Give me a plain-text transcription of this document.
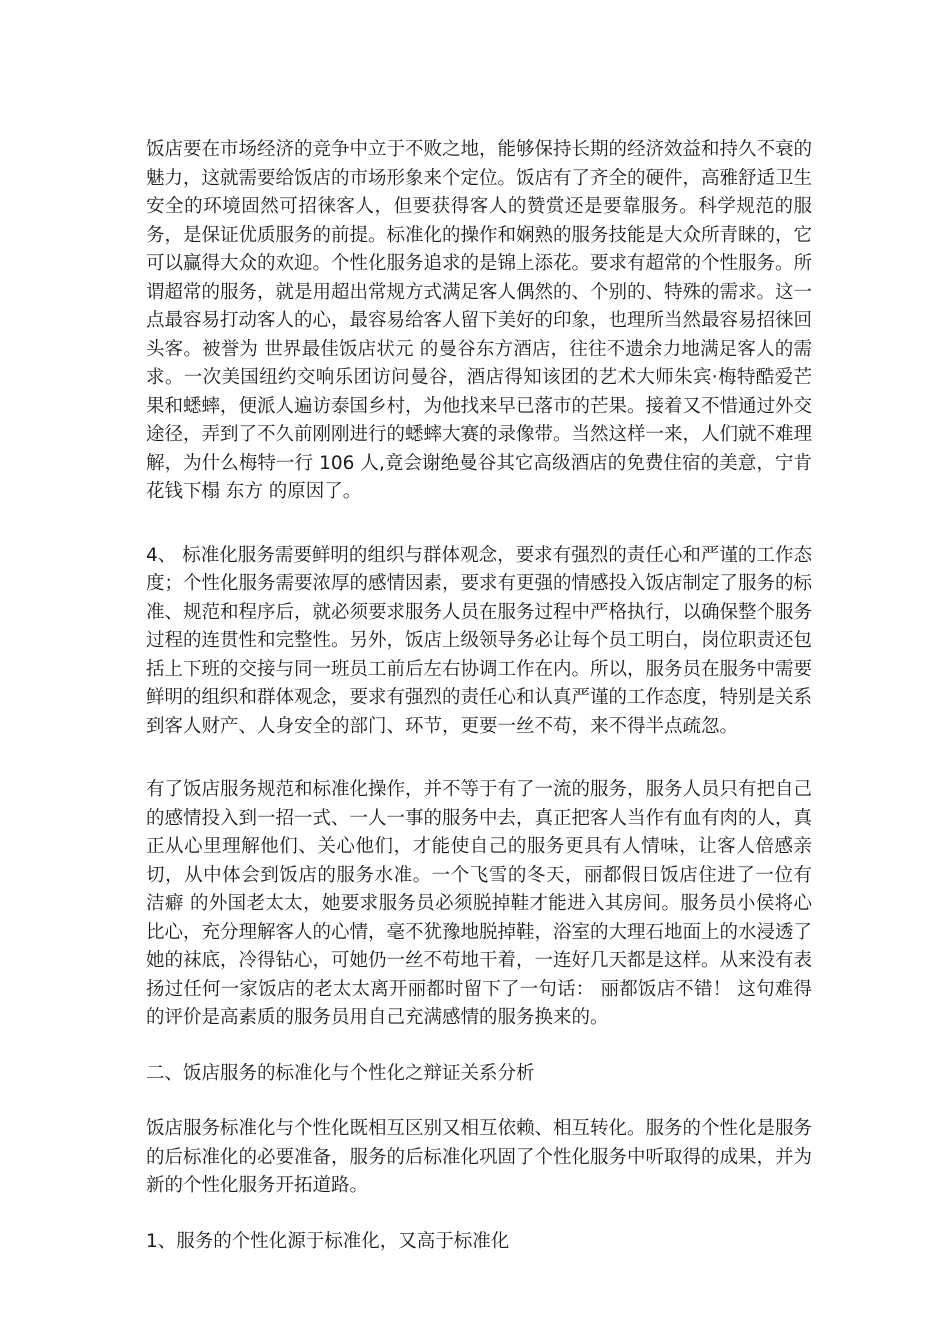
饭店要在市场经济的竞争中立于不败之地，能够保持长期的经济效益和持久不衰的魅力，这就需要给饭店的市场形象来个定位。饭店有了齐全的硬件，高雅舒适卫生安全的环境固然可招徕客人，但要获得客人的赞赏还是要靠服务。科学规范的服务，是保证优质服务的前提。标准化的操作和娴熟的服务技能是大众所青睐的，它可以赢得大众的欢迎。个性化服务追求的是锦上添花。要求有超常的个性服务。所谓超常的服务，就是用超出常规方式满足客人偶然的、个别的、特殊的需求。这一点最容易打动客人的心，最容易给客人留下美好的印象，也理所当然最容易招徕回头客。被誉为 世界最佳饭店状元 的曼谷东方酒店，往往不遗余力地满足客人的需求。一次美国纽约交响乐团访问曼谷，酒店得知该团的艺术大师朱宾·梅特酷爱芒果和蟋蟀，便派人遍访泰国乡村，为他找来早已落市的芒果。接着又不惜通过外交途径，弄到了不久前刚刚进行的蟋蟀大赛的录像带。当然这样一来，人们就不难理解，为什么梅特一行 106 人,竟会谢绝曼谷其它高级酒店的免费住宿的美意，宁肯花钱下榻 东方 的原因了。

4、 标准化服务需要鲜明的组织与群体观念，要求有强烈的责任心和严谨的工作态度；个性化服务需要浓厚的感情因素，要求有更强的情感投入饭店制定了服务的标准、规范和程序后，就必须要求服务人员在服务过程中严格执行，以确保整个服务过程的连贯性和完整性。另外，饭店上级领导务必让每个员工明白，岗位职责还包括上下班的交接与同一班员工前后左右协调工作在内。所以，服务员在服务中需要鲜明的组织和群体观念，要求有强烈的责任心和认真严谨的工作态度，特别是关系到客人财产、人身安全的部门、环节，更要一丝不苟，来不得半点疏忽。

有了饭店服务规范和标准化操作，并不等于有了一流的服务，服务人员只有把自己的感情投入到一招一式、一人一事的服务中去，真正把客人当作有血有肉的人，真正从心里理解他们、关心他们，才能使自己的服务更具有人情味，让客人倍感亲切，从中体会到饭店的服务水准。一个飞雪的冬天，丽都假日饭店住进了一位有 洁癖 的外国老太太，她要求服务员必须脱掉鞋才能进入其房间。服务员小侯将心比心，充分理解客人的心情，毫不犹豫地脱掉鞋，浴室的大理石地面上的水浸透了她的袜底，冷得钻心，可她仍一丝不苟地干着，一连好几天都是这样。从来没有表扬过任何一家饭店的老太太离开丽都时留下了一句话： 丽都饭店不错！ 这句难得的评价是高素质的服务员用自己充满感情的服务换来的。

二、饭店服务的标准化与个性化之辩证关系分析

饭店服务标准化与个性化既相互区别又相互依赖、相互转化。服务的个性化是服务的后标准化的必要准备，服务的后标准化巩固了个性化服务中听取得的成果，并为新的个性化服务开拓道路。

1、服务的个性化源于标准化，又高于标准化
